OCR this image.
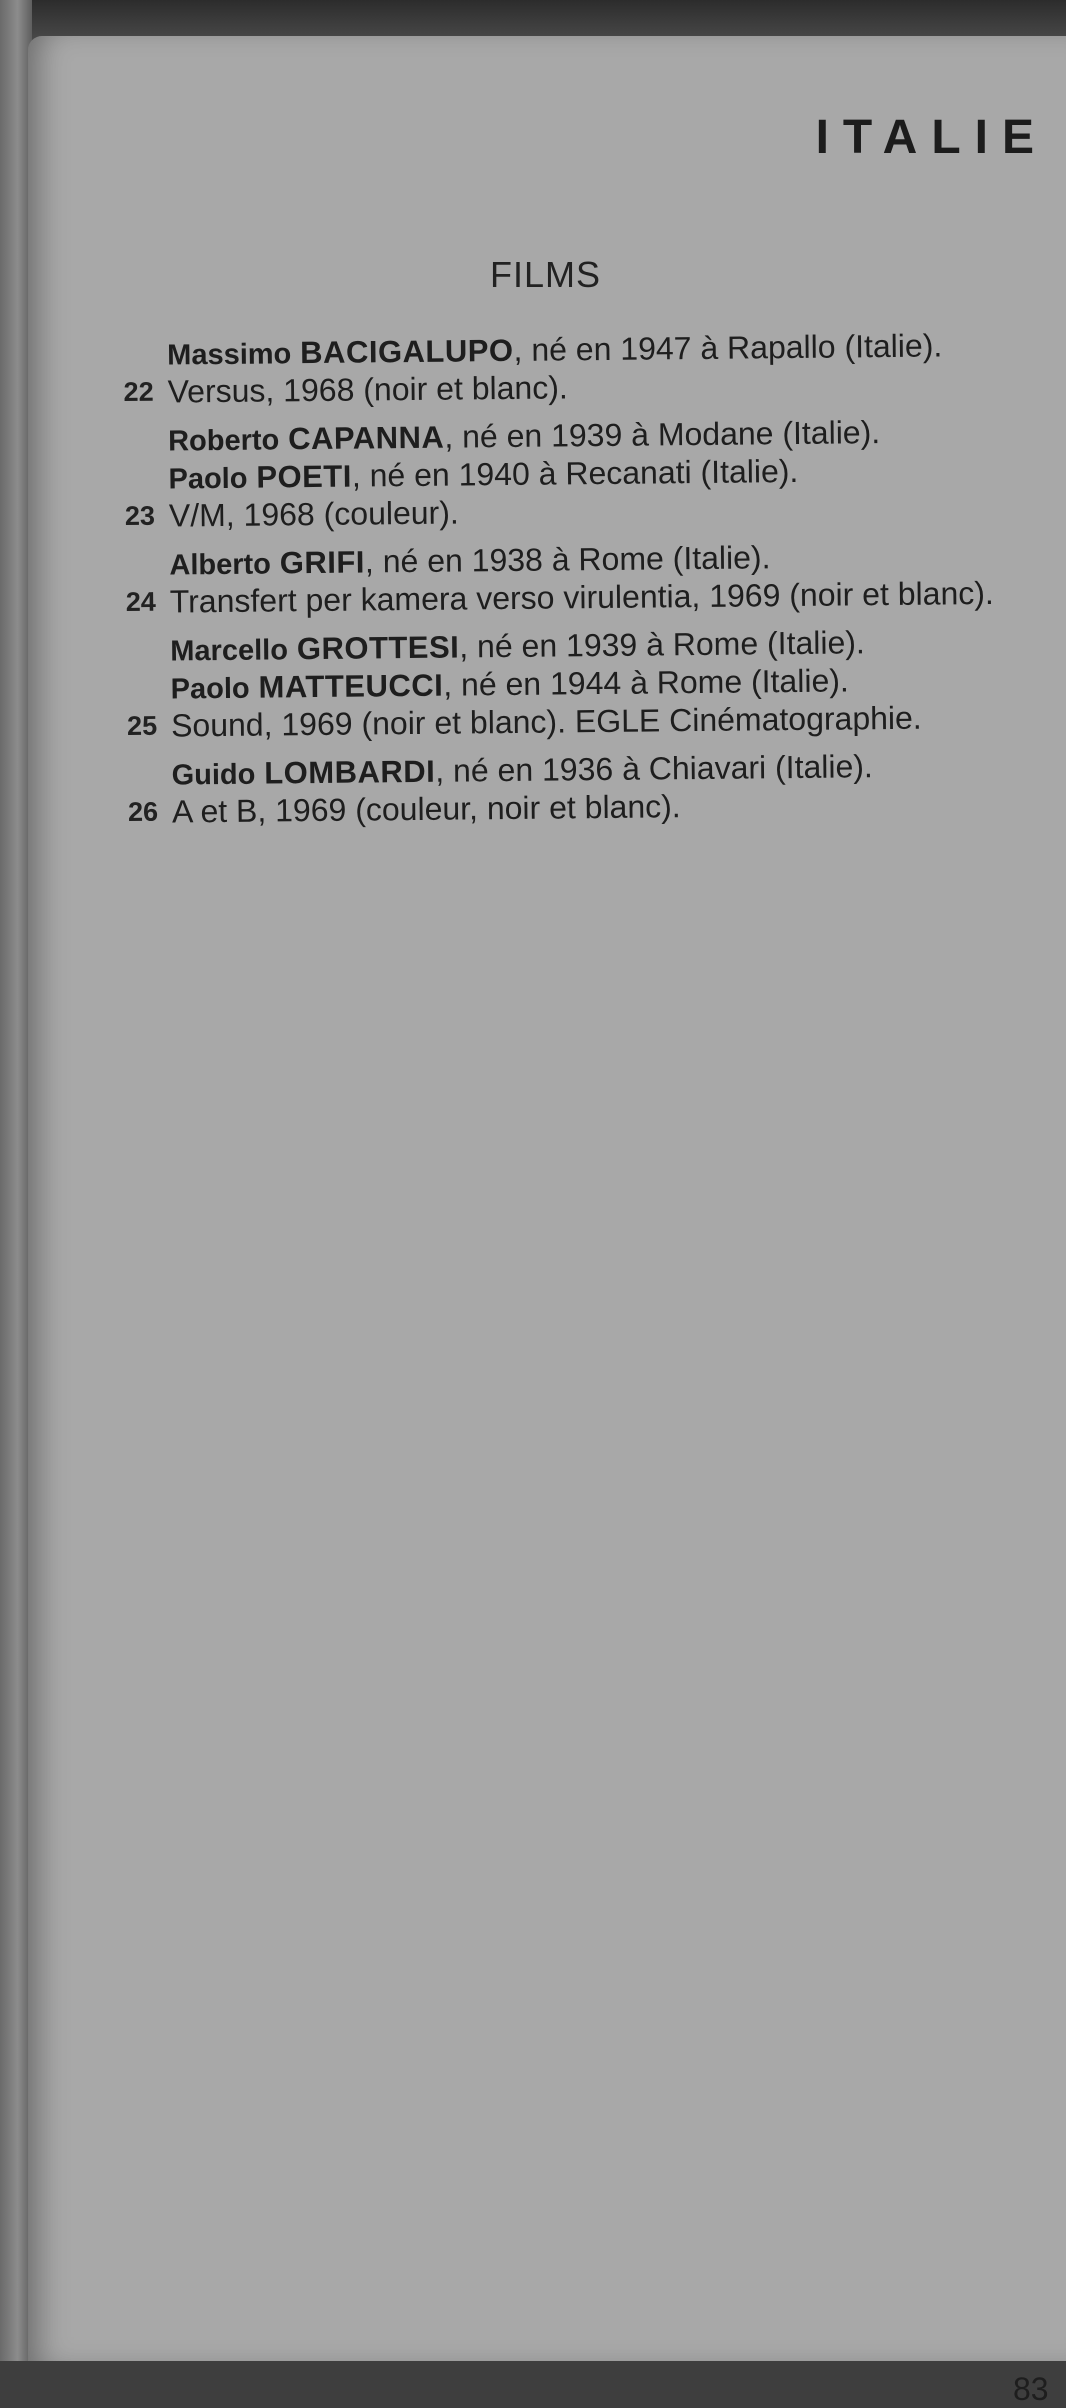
ITALIE
FILMS
Massimo BACIGALUPO, né en 1947 à Rapallo (Italie).
22 Versus, 1968 (noir et blanc).
Roberto CAPANNA, né en 1939 à Modane (Italie).
Paolo POETI, né en 1940 à Recanati (Italie).
23 V/M, 1968 (couleur).
Alberto GRIFI, né en 1938 à Rome (Italie).
24 Transfert per kamera verso virulentia, 1969 (noir et blanc).
Marcello GROTTESI, né en 1939 à Rome (Italie).
Paolo MATTEUCCI, né en 1944 à Rome (Italie).
25 Sound, 1969 (noir et blanc). EGLE Cinématographie.
Guido LOMBARDI, né en 1936 à Chiavari (Italie).
26 A et B, 1969 (couleur, noir et blanc).
83
